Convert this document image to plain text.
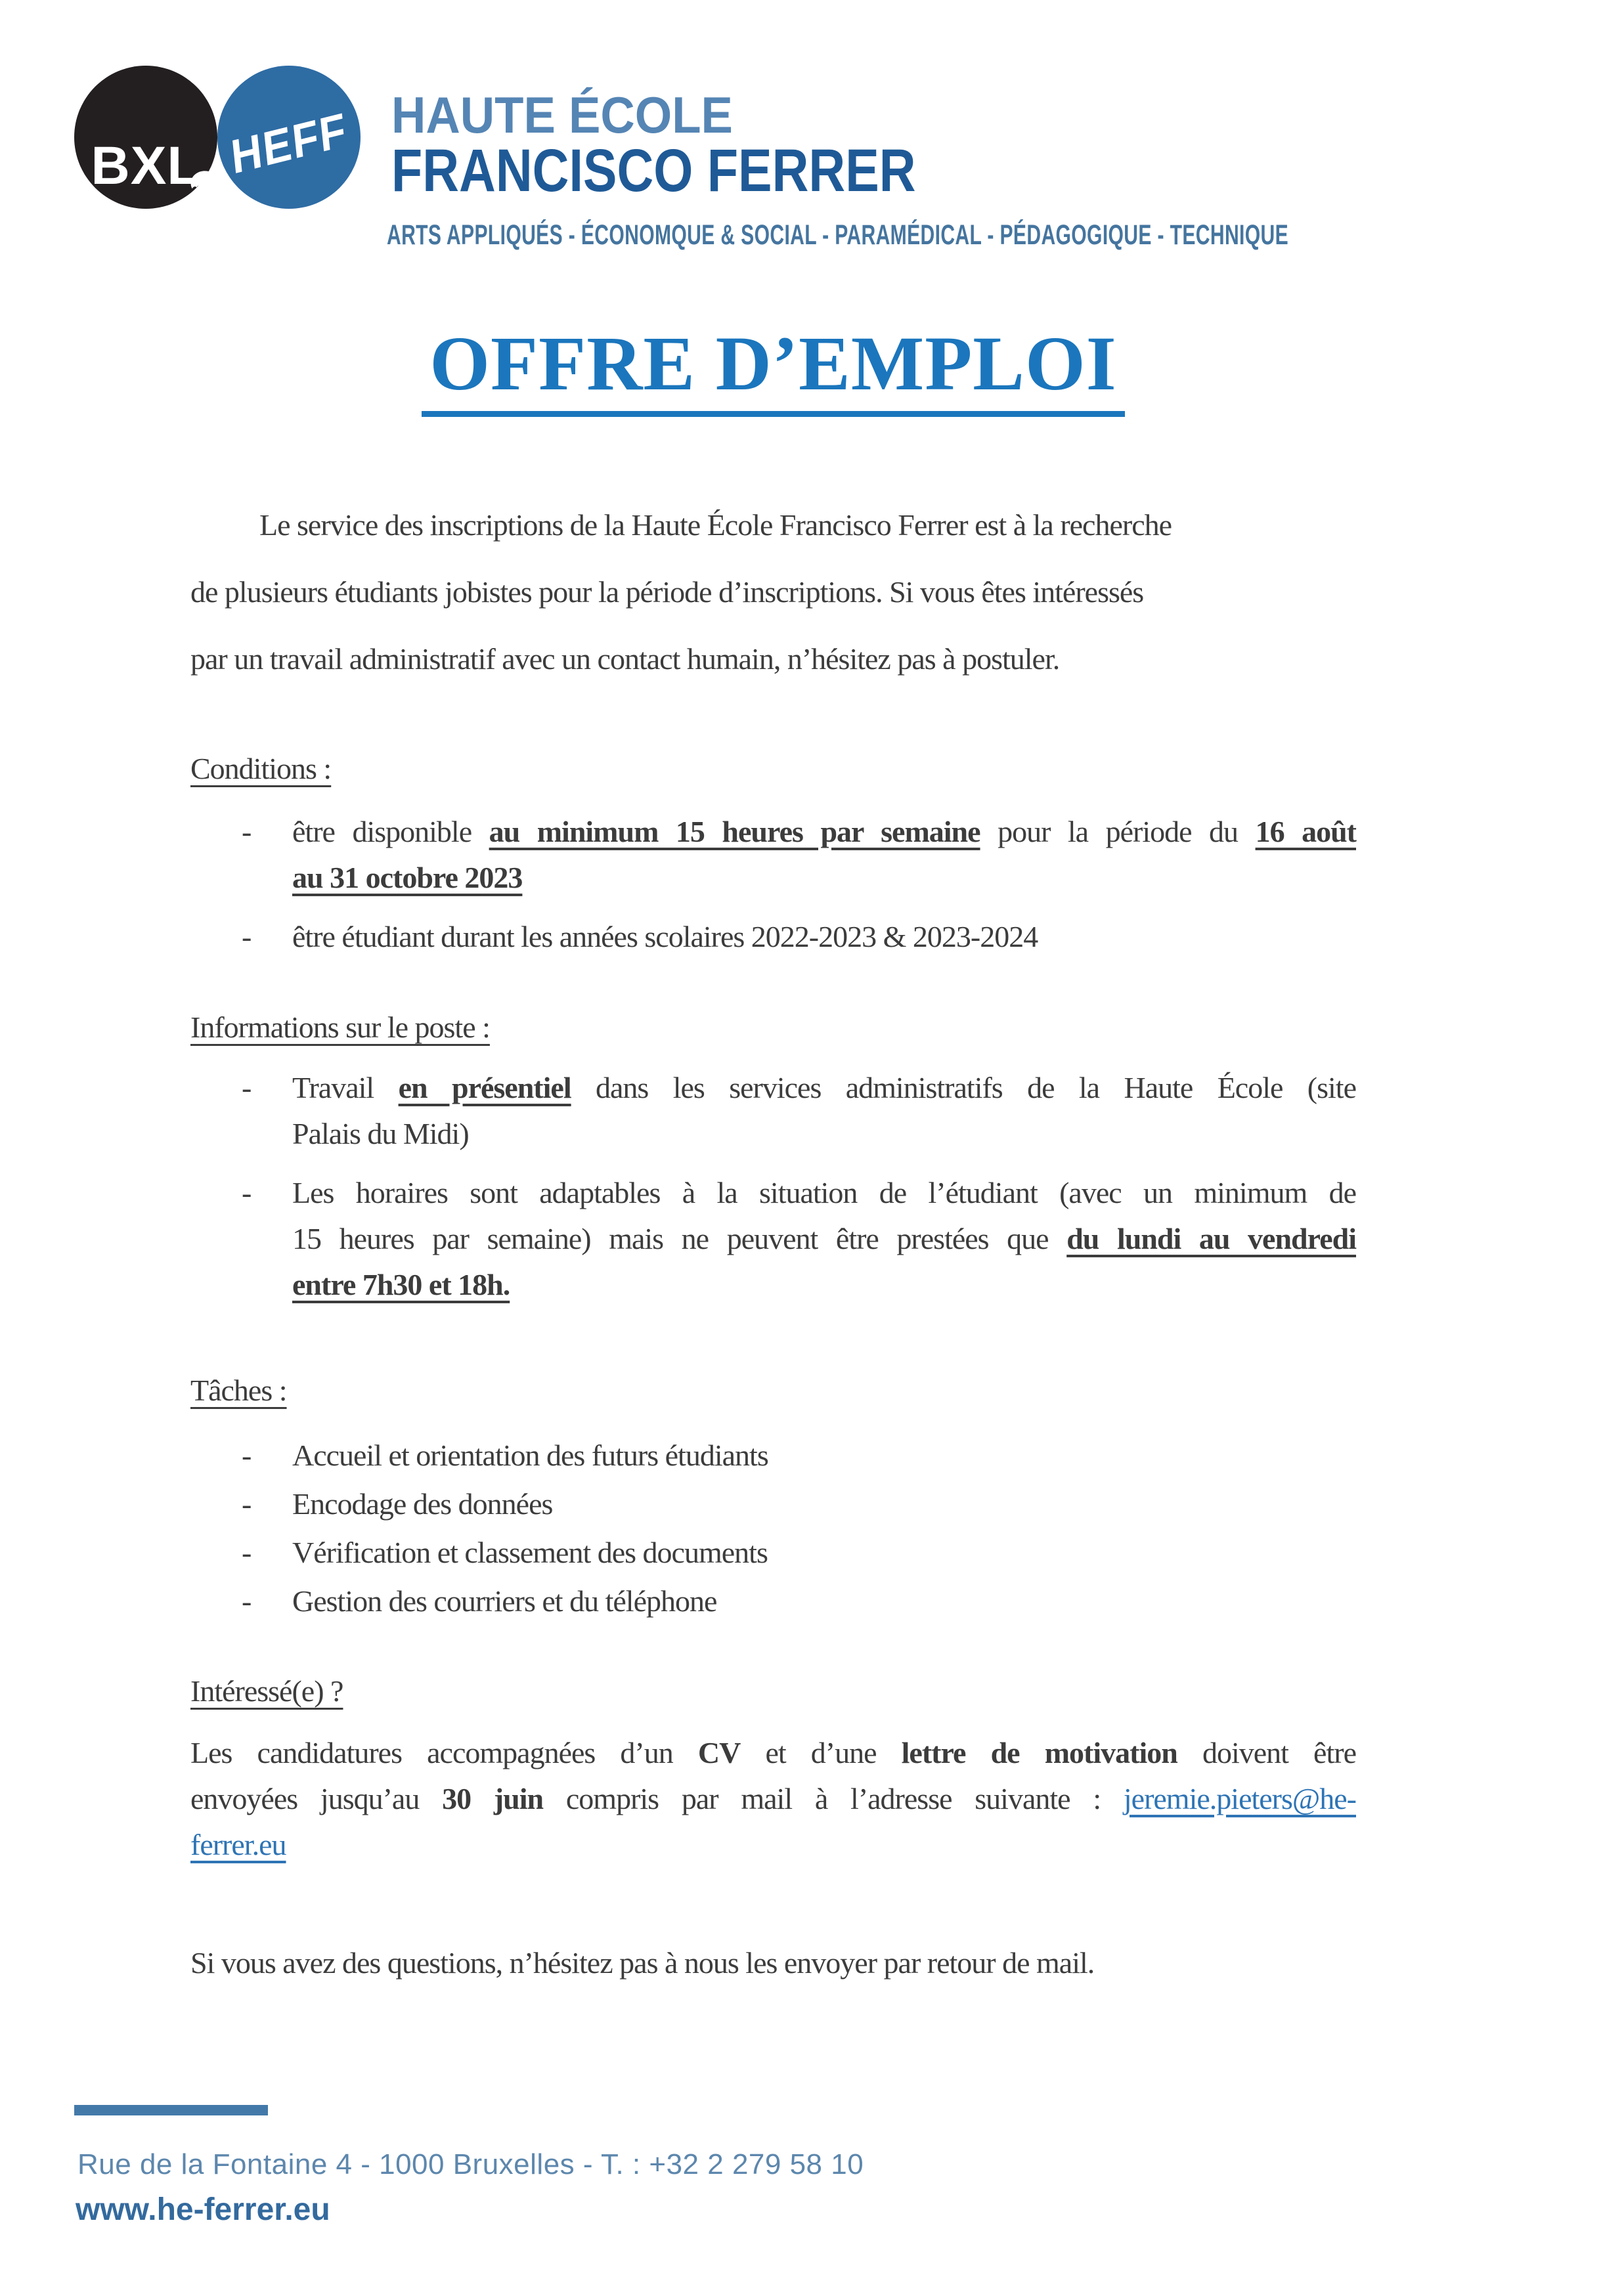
BXL HEFF HAUTE ÉCOLE
FRANCISCO FERRER
ARTS APPLIQUÉS - ÉCONOMQUE & SOCIAL - PARAMÉDICAL - PÉDAGOGIQUE - TECHNIQUE
OFFRE D’EMPLOI
Le service des inscriptions de la Haute École Francisco Ferrer est à la recherche
de plusieurs étudiants jobistes pour la période d’inscriptions. Si vous êtes intéressés
par un travail administratif avec un contact humain, n’hésitez pas à postuler.
Conditions :
-	être disponible au minimum 15 heures par semaine pour la période du 16 août
au 31 octobre 2023
-	être étudiant durant les années scolaires 2022-2023 & 2023-2024
Informations sur le poste :
-	Travail en présentiel dans les services administratifs de la Haute École (site
Palais du Midi)
-	Les horaires sont adaptables à la situation de l’étudiant (avec un minimum de
15 heures par semaine) mais ne peuvent être prestées que du lundi au vendredi
entre 7h30 et 18h.
Tâches :
-	Accueil et orientation des futurs étudiants
-	Encodage des données
-	Vérification et classement des documents
-	Gestion des courriers et du téléphone
Intéressé(e) ?
Les candidatures accompagnées d’un CV et d’une lettre de motivation doivent être
envoyées jusqu’au 30 juin compris par mail à l’adresse suivante : jeremie.pieters@he-
ferrer.eu
Si vous avez des questions, n’hésitez pas à nous les envoyer par retour de mail.
Rue de la Fontaine 4 - 1000 Bruxelles - T. : +32 2 279 58 10
www.he-ferrer.eu
